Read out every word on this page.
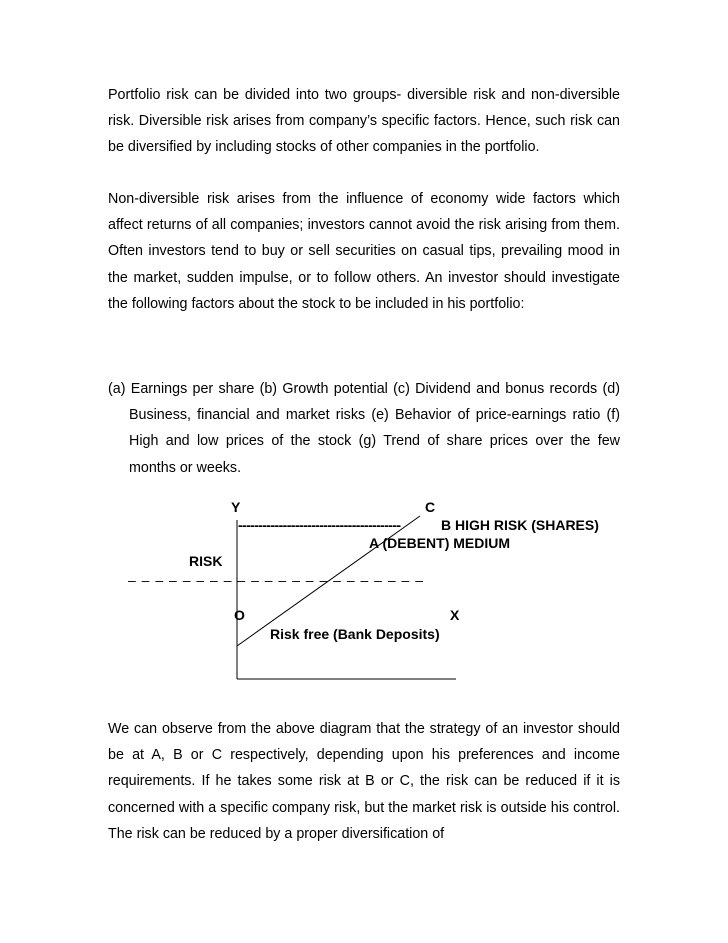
Portfolio risk can be divided into two groups- diversible risk and non-diversible risk. Diversible risk arises from company’s specific factors. Hence, such risk can be diversified by including stocks of other companies in the portfolio.

Non-diversible risk arises from the influence of economy wide factors which affect returns of all companies; investors cannot avoid the risk arising from them. Often investors tend to buy or sell securities on casual tips, prevailing mood in the market, sudden impulse, or to follow others. An investor should investigate the following factors about the stock to be included in his portfolio:

(a) Earnings per share (b) Growth potential (c) Dividend and bonus records (d) Business, financial and market risks (e) Behavior of price-earnings ratio (f) High and low prices of the stock (g) Trend of share prices over the few months or weeks.

Y	C
----------------------------------------	B HIGH RISK (SHARES)
A (DEBENT) MEDIUM
RISK
– – – – – – – – – – – – – – – – – – – – – –
O	X
Risk free (Bank Deposits)

We can observe from the above diagram that the strategy of an investor should be at A, B or C respectively, depending upon his preferences and income requirements. If he takes some risk at B or C, the risk can be reduced if it is concerned with a specific company risk, but the market risk is outside his control. The risk can be reduced by a proper diversification of
